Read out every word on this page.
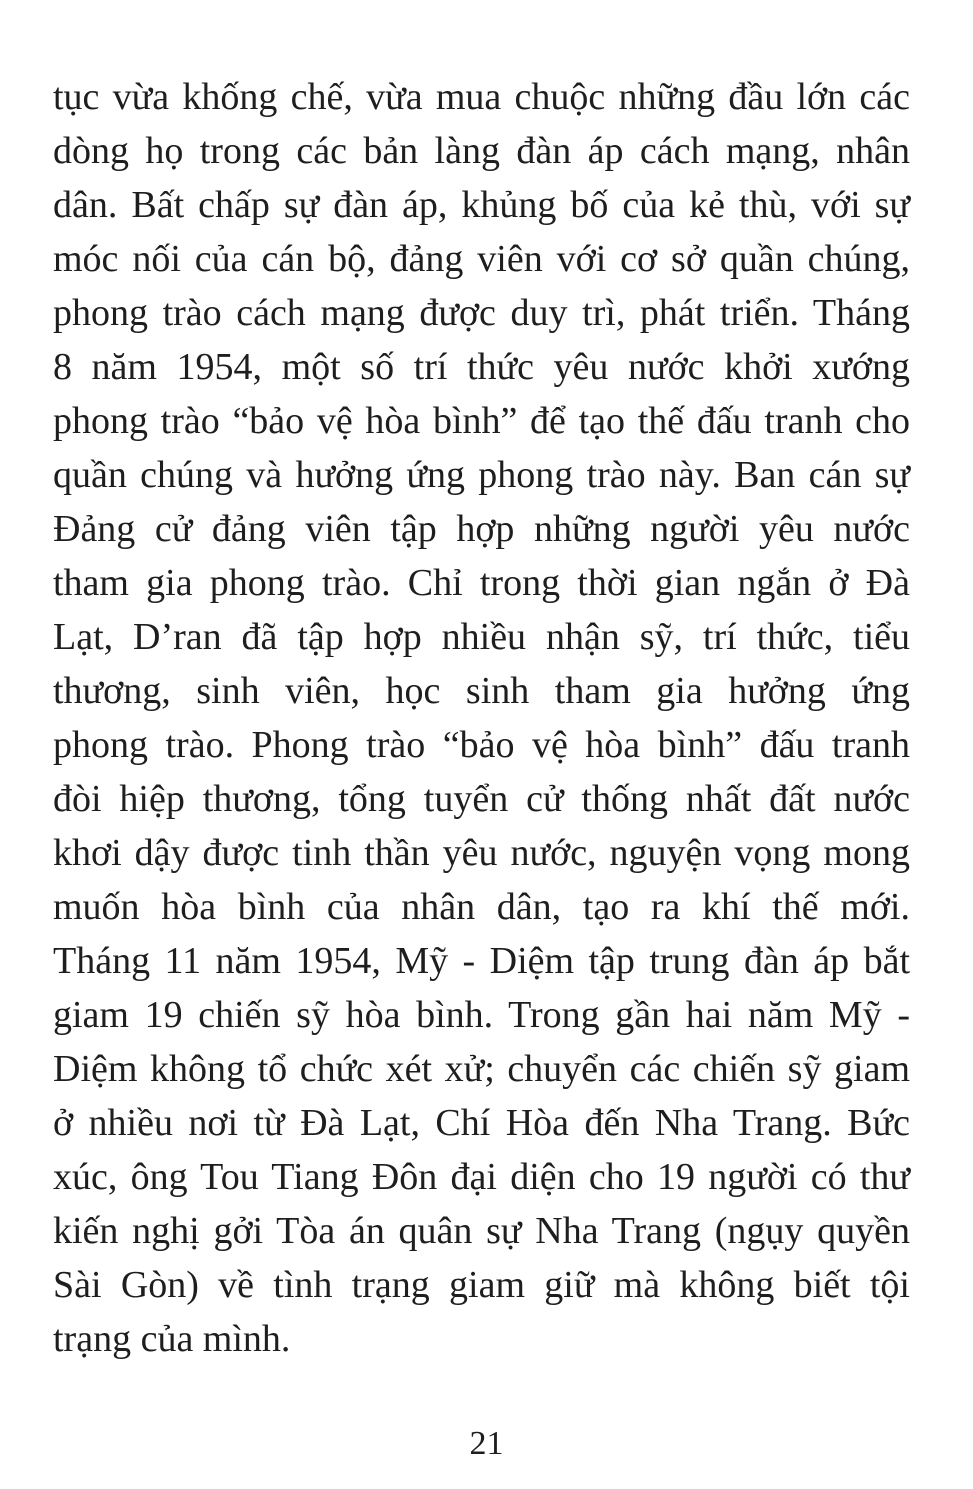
tục vừa khống chế, vừa mua chuộc những đầu lớn các
dòng họ trong các bản làng đàn áp cách mạng, nhân
dân. Bất chấp sự đàn áp, khủng bố của kẻ thù, với sự
móc nối của cán bộ, đảng viên với cơ sở quần chúng,
phong trào cách mạng được duy trì, phát triển. Tháng
8 năm 1954, một số trí thức yêu nước khởi xướng
phong trào “bảo vệ hòa bình” để tạo thế đấu tranh cho
quần chúng và hưởng ứng phong trào này. Ban cán sự
Đảng cử đảng viên tập hợp những người yêu nước
tham gia phong trào. Chỉ trong thời gian ngắn ở Đà
Lạt, D’ran đã tập hợp nhiều nhận sỹ, trí thức, tiểu
thương, sinh viên, học sinh tham gia hưởng ứng
phong trào. Phong trào “bảo vệ hòa bình” đấu tranh
đòi hiệp thương, tổng tuyển cử thống nhất đất nước
khơi dậy được tinh thần yêu nước, nguyện vọng mong
muốn hòa bình của nhân dân, tạo ra khí thế mới.
Tháng 11 năm 1954, Mỹ - Diệm tập trung đàn áp bắt
giam 19 chiến sỹ hòa bình. Trong gần hai năm Mỹ -
Diệm không tổ chức xét xử; chuyển các chiến sỹ giam
ở nhiều nơi từ Đà Lạt, Chí Hòa đến Nha Trang. Bức
xúc, ông Tou Tiang Đôn đại diện cho 19 người có thư
kiến nghị gởi Tòa án quân sự Nha Trang (ngụy quyền
Sài Gòn) về tình trạng giam giữ mà không biết tội
trạng của mình.
21
